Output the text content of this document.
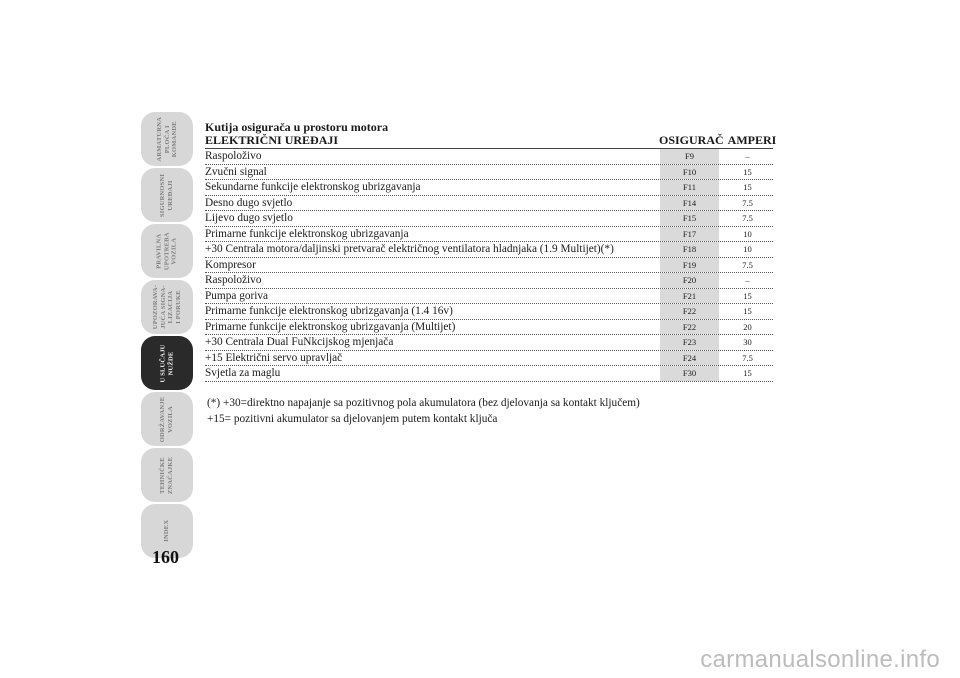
ARMATURNA
PLOČA I
KOMANDE
SIGURNOSNI
UREĐAJI
PRAVILNA
UPOTREBA
VOZILA
UPOZORAVA-
JUĆA SIGNA-
LIZACIJA
I PORUKE
U SLUČAJU
NUŽDE
ODRŽAVANJE
VOZILA
TEHNIČKE
ZNAČAJKE
INDEX
160
Kutija osigurača u prostoru motora
ELEKTRIČNI UREĐAJI	OSIGURAČ AMPERI
Raspoloživo	F9	–
Zvučni signal	F10	15
Sekundarne funkcije elektronskog ubrizgavanja	F11	15
Desno dugo svjetlo	F14	7.5
Lijevo dugo svjetlo	F15	7.5
Primarne funkcije elektronskog ubrizgavanja	F17	10
+30 Centrala motora/daljinski pretvarač električnog ventilatora hladnjaka (1.9 Multijet)(*)	F18	10
Kompresor	F19	7.5
Raspoloživo	F20	–
Pumpa goriva	F21	15
Primarne funkcije elektronskog ubrizgavanja (1.4 16v)	F22	15
Primarne funkcije elektronskog ubrizgavanja (Multijet)	F22	20
+30 Centrala Dual FuNkcijskog mjenjača	F23	30
+15 Električni servo upravljač	F24	7.5
Svjetla za maglu	F30	15
(*) +30=direktno napajanje sa pozitivnog pola akumulatora (bez djelovanja sa kontakt ključem)
+15= pozitivni akumulator sa djelovanjem putem kontakt ključa
carmanualsonline.info
